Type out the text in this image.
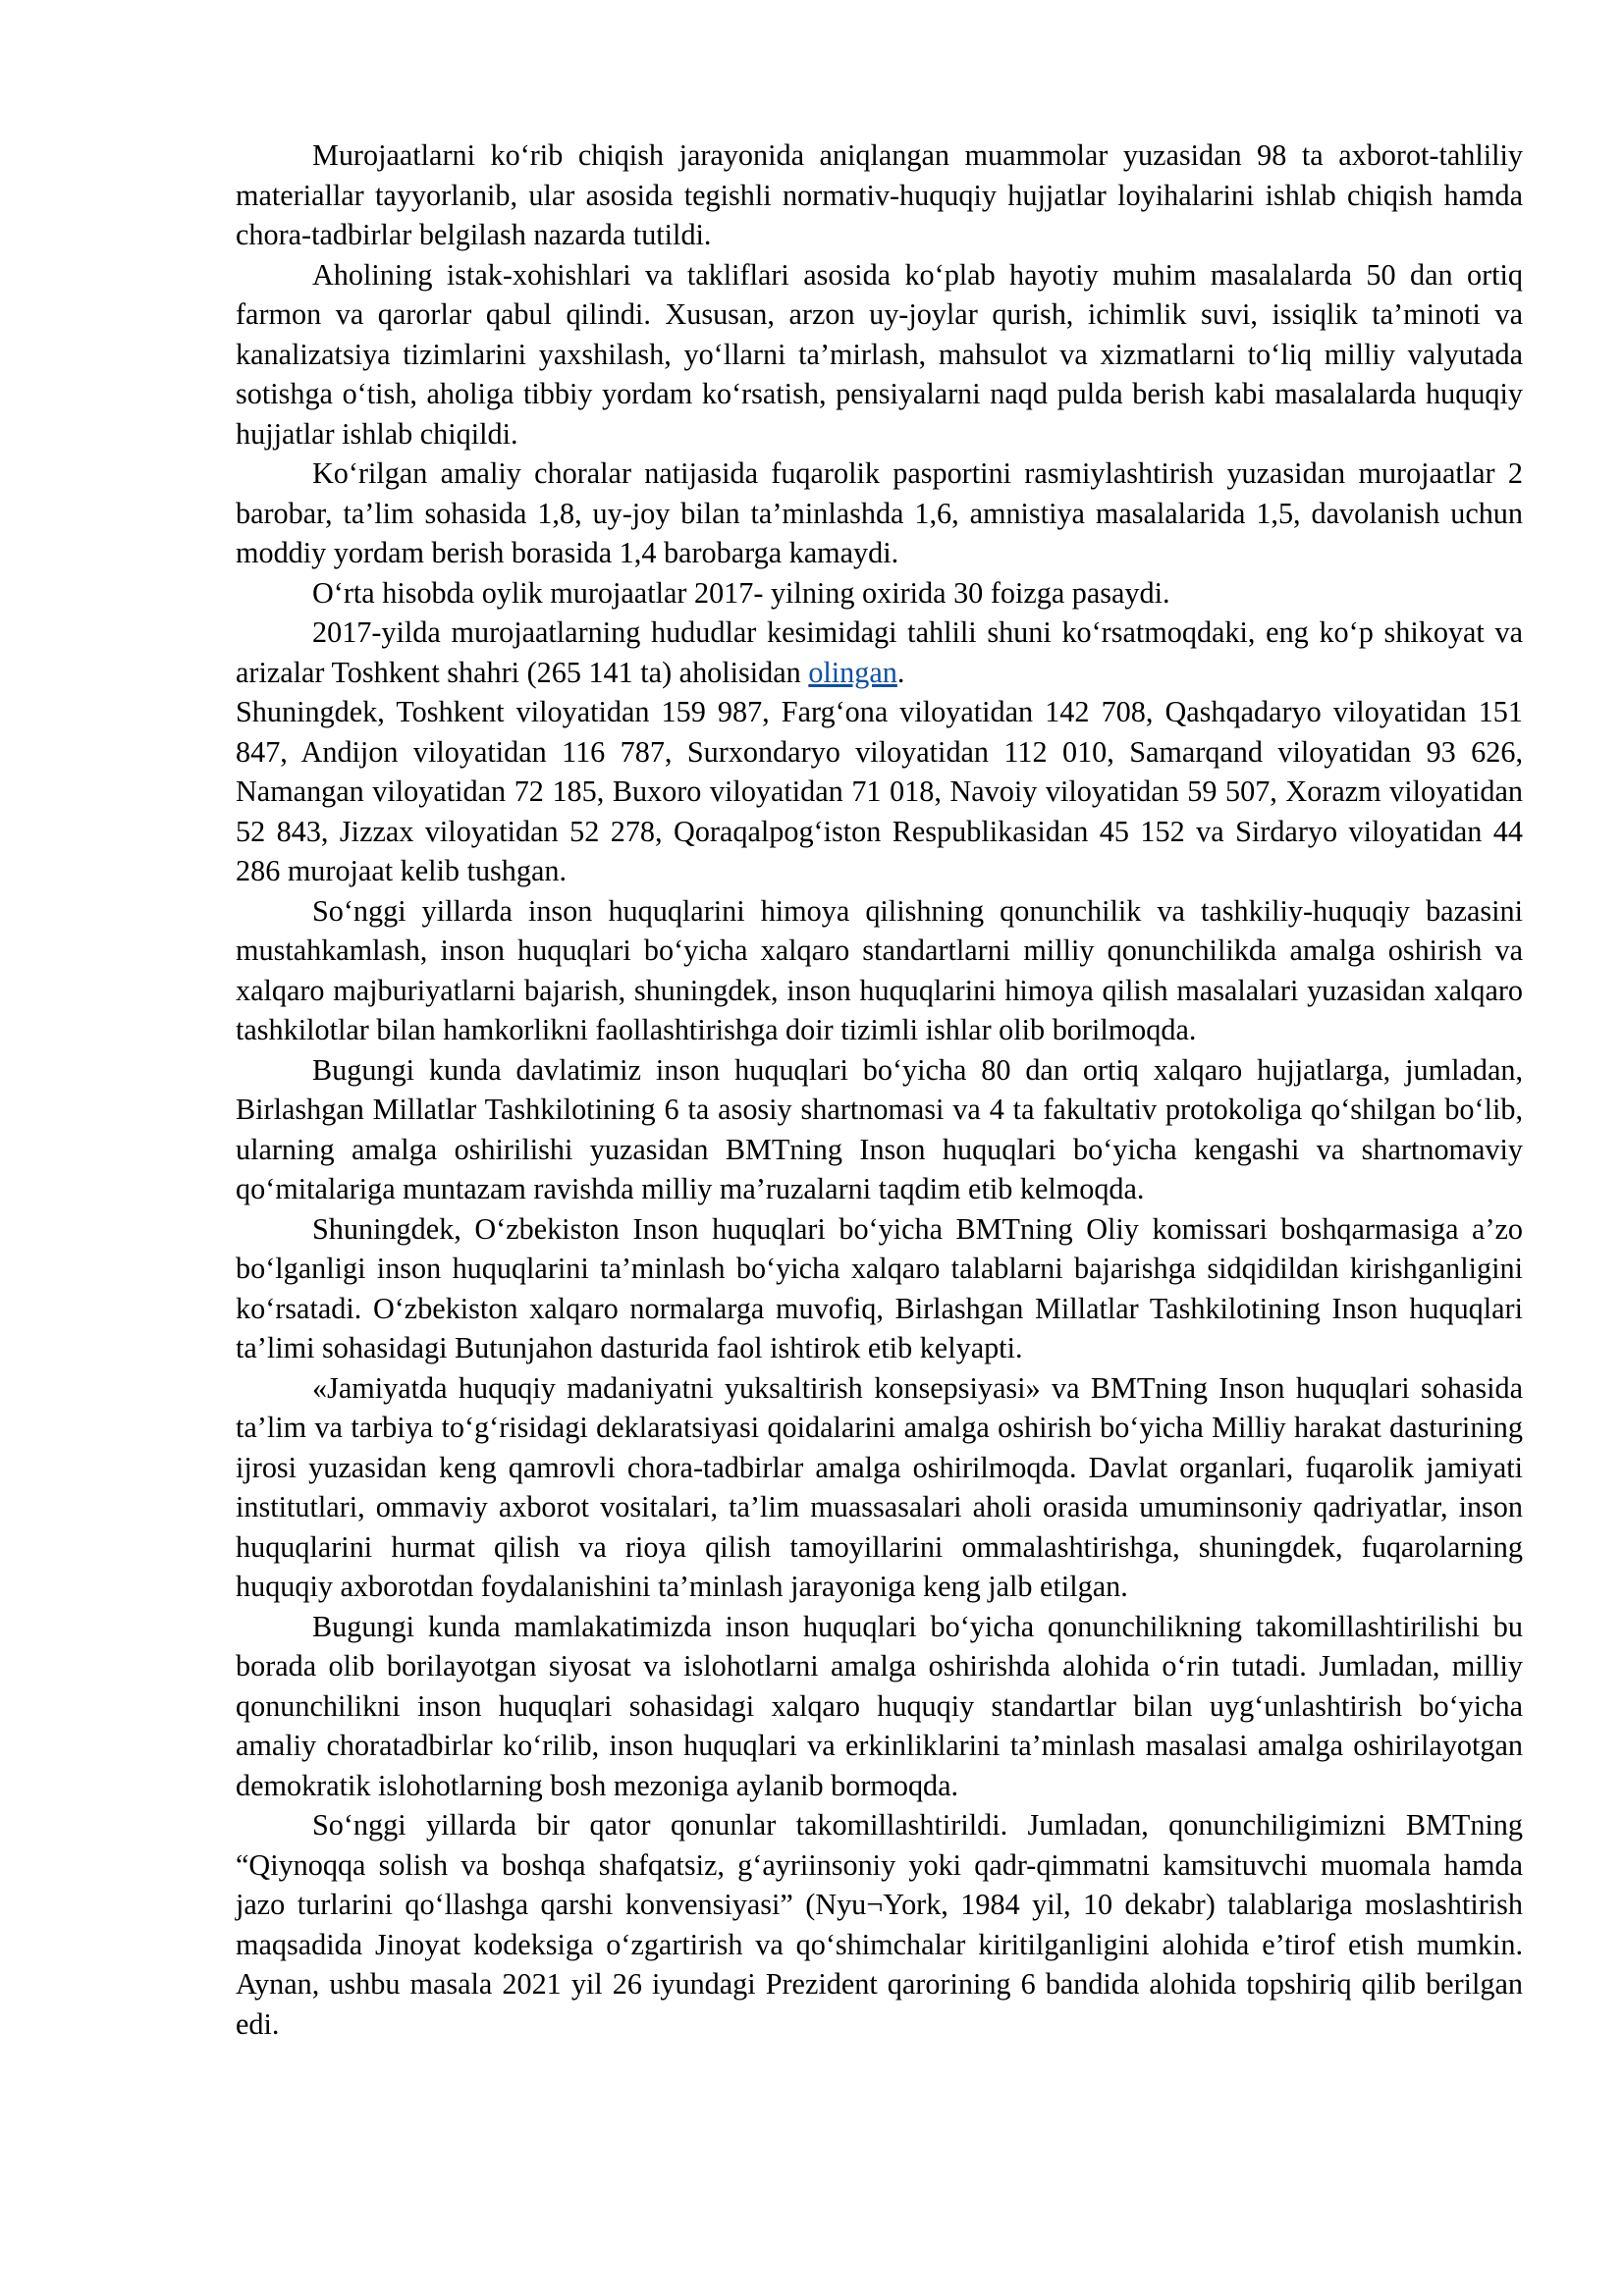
Murojaatlarni ko‘rib chiqish jarayonida aniqlangan muammolar yuzasidan 98 ta axborot-tahliliy materiallar tayyorlanib, ular asosida tegishli normativ-huquqiy hujjatlar loyihalarini ishlab chiqish hamda chora-tadbirlar belgilash nazarda tutildi.

Aholining istak-xohishlari va takliflari asosida ko‘plab hayotiy muhim masalalarda 50 dan ortiq farmon va qarorlar qabul qilindi. Xususan, arzon uy-joylar qurish, ichimlik suvi, issiqlik ta’minoti va kanalizatsiya tizimlarini yaxshilash, yo‘llarni ta’mirlash, mahsulot va xizmatlarni to‘liq milliy valyutada sotishga o‘tish, aholiga tibbiy yordam ko‘rsatish, pensiyalarni naqd pulda berish kabi masalalarda huquqiy hujjatlar ishlab chiqildi.

Ko‘rilgan amaliy choralar natijasida fuqarolik pasportini rasmiylashtirish yuzasidan murojaatlar 2 barobar, ta’lim sohasida 1,8, uy-joy bilan ta’minlashda 1,6, amnistiya masalalarida 1,5, davolanish uchun moddiy yordam berish borasida 1,4 barobarga kamaydi.

O‘rta hisobda oylik murojaatlar 2017- yilning oxirida 30 foizga pasaydi.

2017-yilda murojaatlarning hududlar kesimidagi tahlili shuni ko‘rsatmoqdaki, eng ko‘p shikoyat va arizalar Toshkent shahri (265 141 ta) aholisidan olingan.

Shuningdek, Toshkent viloyatidan 159 987, Farg‘ona viloyatidan 142 708, Qashqadaryo viloyatidan 151 847, Andijon viloyatidan 116 787, Surxondaryo viloyatidan 112 010, Samarqand viloyatidan 93 626, Namangan viloyatidan 72 185, Buxoro viloyatidan 71 018, Navoiy viloyatidan 59 507, Xorazm viloyatidan 52 843, Jizzax viloyatidan 52 278, Qoraqalpog‘iston Respublikasidan 45 152 va Sirdaryo viloyatidan 44 286 murojaat kelib tushgan.

So‘nggi yillarda inson huquqlarini himoya qilishning qonunchilik va tashkiliy-huquqiy bazasini mustahkamlash, inson huquqlari bo‘yicha xalqaro standartlarni milliy qonunchilikda amalga oshirish va xalqaro majburiyatlarni bajarish, shuningdek, inson huquqlarini himoya qilish masalalari yuzasidan xalqaro tashkilotlar bilan hamkorlikni faollashtirishga doir tizimli ishlar olib borilmoqda.

Bugungi kunda davlatimiz inson huquqlari bo‘yicha 80 dan ortiq xalqaro hujjatlarga, jumladan, Birlashgan Millatlar Tashkilotining 6 ta asosiy shartnomasi va 4 ta fakultativ protokoliga qo‘shilgan bo‘lib, ularning amalga oshirilishi yuzasidan BMTning Inson huquqlari bo‘yicha kengashi va shartnomaviy qo‘mitalariga muntazam ravishda milliy ma’ruzalarni taqdim etib kelmoqda.

Shuningdek, O‘zbekiston Inson huquqlari bo‘yicha BMTning Oliy komissari boshqarmasiga a’zo bo‘lganligi inson huquqlarini ta’minlash bo‘yicha xalqaro talablarni bajarishga sidqidildan kirishganligini ko‘rsatadi. O‘zbekiston xalqaro normalarga muvofiq, Birlashgan Millatlar Tashkilotining Inson huquqlari ta’limi sohasidagi Butunjahon dasturida faol ishtirok etib kelyapti.

«Jamiyatda huquqiy madaniyatni yuksaltirish konsepsiyasi» va BMTning Inson huquqlari sohasida ta’lim va tarbiya to‘g‘risidagi deklaratsiyasi qoidalarini amalga oshirish bo‘yicha Milliy harakat dasturining ijrosi yuzasidan keng qamrovli chora-tadbirlar amalga oshirilmoqda. Davlat organlari, fuqarolik jamiyati institutlari, ommaviy axborot vositalari, ta’lim muassasalari aholi orasida umuminsoniy qadriyatlar, inson huquqlarini hurmat qilish va rioya qilish tamoyillarini ommalashtirishga, shuningdek, fuqarolarning huquqiy axborotdan foydalanishini ta’minlash jarayoniga keng jalb etilgan.

Bugungi kunda mamlakatimizda inson huquqlari bo‘yicha qonunchilikning takomillashtirilishi bu borada olib borilayotgan siyosat va islohotlarni amalga oshirishda alohida o‘rin tutadi. Jumladan, milliy qonunchilikni inson huquqlari sohasidagi xalqaro huquqiy standartlar bilan uyg‘unlashtirish bo‘yicha amaliy choratadbirlar ko‘rilib, inson huquqlari va erkinliklarini ta’minlash masalasi amalga oshirilayotgan demokratik islohotlarning bosh mezoniga aylanib bormoqda.

So‘nggi yillarda bir qator qonunlar takomillashtirildi. Jumladan, qonunchiligimizni BMTning “Qiynoqqa solish va boshqa shafqatsiz, g‘ayriinsoniy yoki qadr-qimmatni kamsituvchi muomala hamda jazo turlarini qo‘llashga qarshi konvensiyasi” (Nyu¬York, 1984 yil, 10 dekabr) talablariga moslashtirish maqsadida Jinoyat kodeksiga o‘zgartirish va qo‘shimchalar kiritilganligini alohida e’tirof etish mumkin. Aynan, ushbu masala 2021 yil 26 iyundagi Prezident qarorining 6 bandida alohida topshiriq qilib berilgan edi.
